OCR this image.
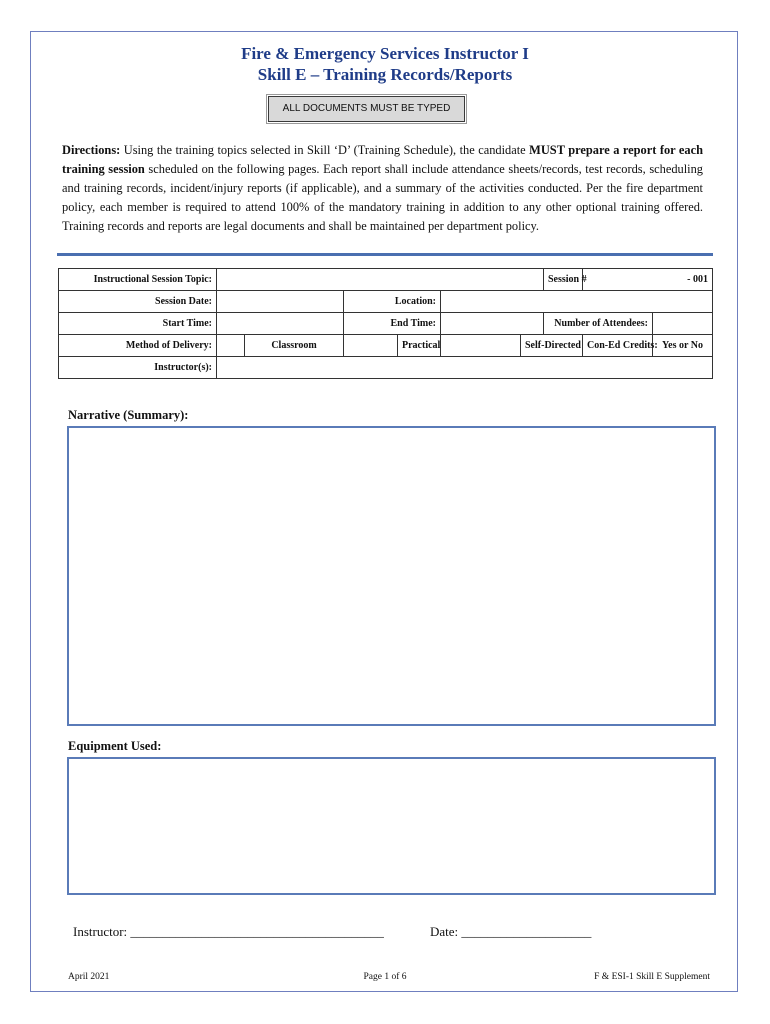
Fire & Emergency Services Instructor I
Skill E – Training Records/Reports
ALL DOCUMENTS MUST BE TYPED
Directions: Using the training topics selected in Skill ‘D’ (Training Schedule), the candidate MUST prepare a report for each training session scheduled on the following pages. Each report shall include attendance sheets/records, test records, scheduling and training records, incident/injury reports (if applicable), and a summary of the activities conducted. Per the fire department policy, each member is required to attend 100% of the mandatory training in addition to any other optional training offered. Training records and reports are legal documents and shall be maintained per department policy.
Instructional Session Topic:							Session #	- 001	
Session Date:			Location:						
Start Time:			End Time:				Number of Attendees:		
Method of Delivery:		Classroom		Practical		Self-Directed		Con-Ed Credits:	Yes or No
Instructor(s):									
Narrative (Summary):
Equipment Used:
Instructor: _______________________________________	Date: ____________________
April 2021	Page 1 of 6	F & ESI-1 Skill E Supplement
